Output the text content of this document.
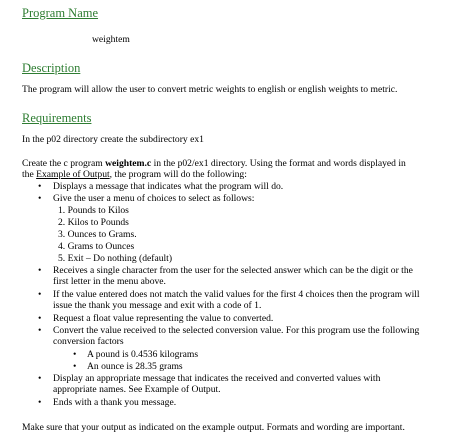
Program Name
weightem
Description
The program will allow the user to convert metric weights to english or english weights to metric.
Requirements
In the p02 directory create the subdirectory ex1
Create the c program weightem.c in the p02/ex1 directory. Using the format and words displayed in
the Example of Output, the program will do the following:
• Displays a message that indicates what the program will do.
• Give the user a menu of choices to select as follows:
1. Pounds to Kilos
2. Kilos to Pounds
3. Ounces to Grams.
4. Grams to Ounces
5. Exit – Do nothing (default)
• Receives a single character from the user for the selected answer which can be the digit or the
first letter in the menu above.
• If the value entered does not match the valid values for the first 4 choices then the program will
issue the thank you message and exit with a code of 1.
• Request a float value representing the value to converted.
• Convert the value received to the selected conversion value. For this program use the following
conversion factors
• A pound is 0.4536 kilograms
• An ounce is 28.35 grams
• Display an appropriate message that indicates the received and converted values with
appropriate names. See Example of Output.
• Ends with a thank you message.
Make sure that your output as indicated on the example output. Formats and wording are important.
